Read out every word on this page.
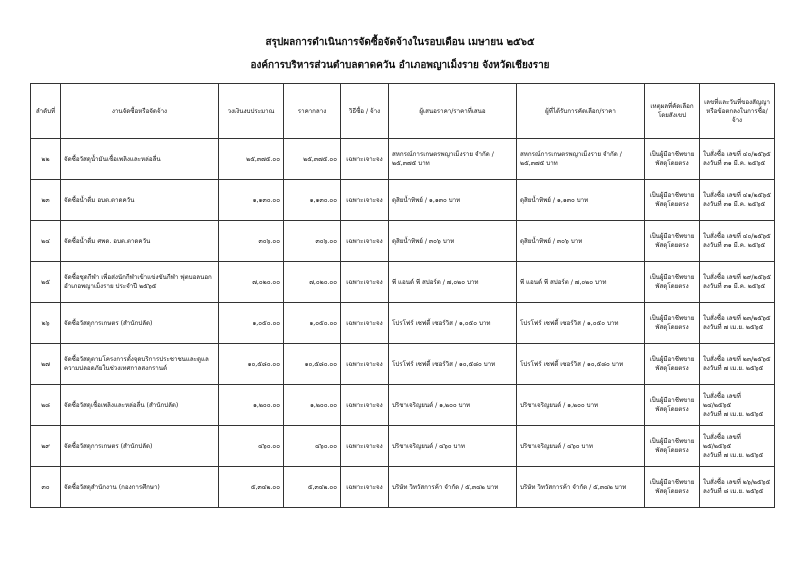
สรุปผลการดำเนินการจัดซื้อจัดจ้างในรอบเดือน เมษายน ๒๕๖๕
องค์การบริหารส่วนตำบลตาดควัน อำเภอพญาเม็งราย จังหวัดเชียงราย
ลำดับที่	งานจัดซื้อหรือจัดจ้าง	วงเงินงบประมาณ	ราคากลาง	วิธีซื้อ / จ้าง	ผู้เสนอราคา/ราคาที่เสนอ	ผู้ที่ได้รับการคัดเลือก/ราคา	เหตุผลที่คัดเลือก โดยสังเขป	เลขที่และวันที่ของสัญญา หรือข้อตกลงในการซื้อ/จ้าง
๒๒	จัดซื้อวัสดุน้ำมันเชื้อเพลิงและหล่อลื่น	๒๕,๓๗๕.๐๐	๒๕,๓๗๕.๐๐	เฉพาะเจาะจง	สหกรณ์การเกษตรพญาเม็งราย จำกัด / ๒๕,๓๗๕ บาท	สหกรณ์การเกษตรพญาเม็งราย จำกัด / ๒๕,๓๗๕ บาท	เป็นผู้มีอาชีพขายพัสดุโดยตรง	ใบสั่งซื้อ เลขที่ ๔๐/๒๕๖๕
ลงวันที่ ๓๑ มี.ค. ๒๕๖๕

๒๓	จัดซื้อน้ำดื่ม อบต.ตาดควัน	๑,๑๓๐.๐๐	๑,๑๓๐.๐๐	เฉพาะเจาะจง	ดุสิยน้ำทิพย์ / ๑,๑๓๐ บาท	ดุสิยน้ำทิพย์ / ๑,๑๓๐ บาท	เป็นผู้มีอาชีพขายพัสดุโดยตรง	ใบสั่งซื้อ เลขที่ ๔๑/๒๕๖๕
ลงวันที่ ๓๑ มี.ค. ๒๕๖๕

๒๔	จัดซื้อน้ำดื่ม ศพด. อบต.ตาดควัน	๓๐๖.๐๐	๓๐๖.๐๐	เฉพาะเจาะจง	ดุสิยน้ำทิพย์ / ๓๐๖ บาท	ดุสิยน้ำทิพย์ / ๓๐๖ บาท	เป็นผู้มีอาชีพขายพัสดุโดยตรง	ใบสั่งซื้อ เลขที่ ๔๐/๒๕๖๕
ลงวันที่ ๓๑ มี.ค. ๒๕๖๕

๒๕	จัดซื้อชุดกีฬา เพื่อส่งนักกีฬาเข้าแข่งขันกีฬา ฟุตบอลนอกอำเภอพญาเม็งราย ประจำปี ๒๕๖๕	๗,๐๒๐.๐๐	๗,๐๒๐.๐๐	เฉพาะเจาะจง	พี แอนด์ พี สปอร์ต / ๗,๐๒๐ บาท	พี แอนด์ พี สปอร์ต / ๗,๐๒๐ บาท	เป็นผู้มีอาชีพขายพัสดุโดยตรง	ใบสั่งซื้อ เลขที่ ๒๙/๒๕๖๕
ลงวันที่ ๓๑ มี.ค. ๒๕๖๕

๒๖	จัดซื้อวัสดุการเกษตร (สำนักปลัด)	๑,๐๕๐.๐๐	๑,๐๕๐.๐๐	เฉพาะเจาะจง	โปรโฟร์ เซฟตี้ เซอร์วิส / ๑,๐๕๐ บาท	โปรโฟร์ เซฟตี้ เซอร์วิส / ๑,๐๕๐ บาท	เป็นผู้มีอาชีพขายพัสดุโดยตรง	ใบสั่งซื้อ เลขที่ ๒๓/๒๕๖๕
ลงวันที่ ๗ เม.ย. ๒๕๖๕

๒๗	จัดซื้อวัสดุตามโครงการตั้งจุดบริการประชาชนและดูแลความปลอดภัยในช่วงเทศกาลสงกรานต์	๑๐,๕๘๐.๐๐	๑๐,๕๘๐.๐๐	เฉพาะเจาะจง	โปรโฟร์ เซฟตี้ เซอร์วิส / ๑๐,๕๘๐ บาท	โปรโฟร์ เซฟตี้ เซอร์วิส / ๑๐,๕๘๐ บาท	เป็นผู้มีอาชีพขายพัสดุโดยตรง	ใบสั่งซื้อ เลขที่ ๒๓/๒๕๖๕
ลงวันที่ ๗ เม.ย. ๒๕๖๕

๒๘	จัดซื้อวัสดุเชื้อเพลิงและหล่อลื่น (สำนักปลัด)	๑,๒๐๐.๐๐	๑,๒๐๐.๐๐	เฉพาะเจาะจง	ปริชาเจริญยนต์ / ๑,๒๐๐ บาท	ปริชาเจริญยนต์ / ๑,๒๐๐ บาท	เป็นผู้มีอาชีพขายพัสดุโดยตรง	ใบสั่งซื้อ เลขที่ ๒๔/๒๕๖๕
ลงวันที่ ๗ เม.ย. ๒๕๖๕

๒๙	จัดซื้อวัสดุการเกษตร (สำนักปลัด)	๔๖๐.๐๐	๔๖๐.๐๐	เฉพาะเจาะจง	ปริชาเจริญยนต์ / ๔๖๐ บาท	ปริชาเจริญยนต์ / ๔๖๐ บาท	เป็นผู้มีอาชีพขายพัสดุโดยตรง	ใบสั่งซื้อ เลขที่ ๒๕/๒๕๖๕
ลงวันที่ ๗ เม.ย. ๒๕๖๕

๓๐	จัดซื้อวัสดุสำนักงาน (กองการศึกษา)	๕,๓๔๒.๐๐	๕,๓๔๒.๐๐	เฉพาะเจาะจง	บริษัท วิทวัสการค้า จำกัด / ๕,๓๔๒ บาท	บริษัท วิทวัสการค้า จำกัด / ๕,๓๔๒ บาท	เป็นผู้มีอาชีพขายพัสดุโดยตรง	ใบสั่งซื้อ เลขที่ ๒๖/๒๕๖๕
ลงวันที่ ๘ เม.ย. ๒๕๖๕
